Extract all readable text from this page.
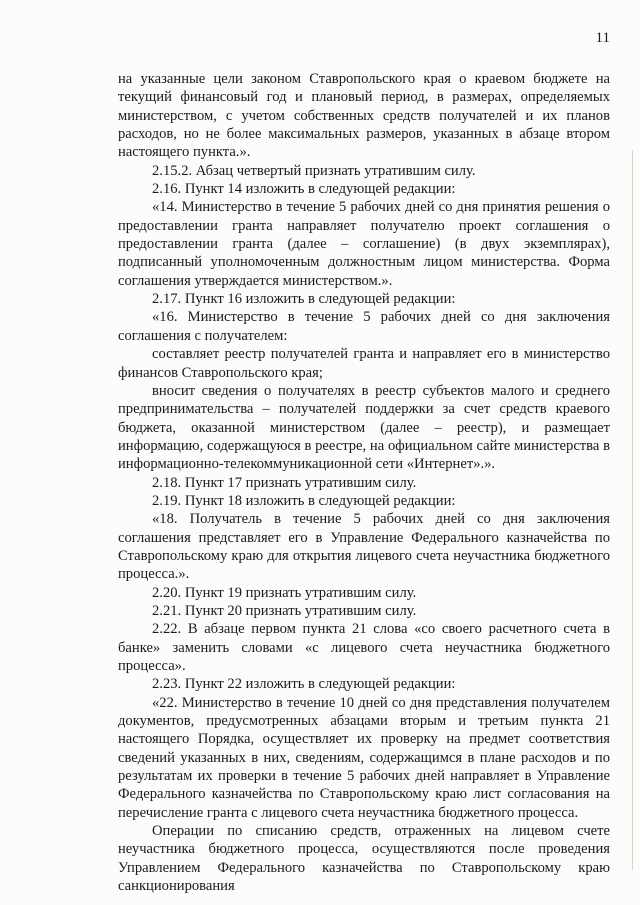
11

на указанные цели законом Ставропольского края о краевом бюджете на текущий финансовый год и плановый период, в размерах, определяемых министерством, с учетом собственных средств получателей и их планов расходов, но не более максимальных размеров, указанных в абзаце втором настоящего пункта.».

2.15.2. Абзац четвертый признать утратившим силу.

2.16. Пункт 14 изложить в следующей редакции:

«14. Министерство в течение 5 рабочих дней со дня принятия решения о предоставлении гранта направляет получателю проект соглашения о предоставлении гранта (далее – соглашение) (в двух экземплярах), подписанный уполномоченным должностным лицом министерства. Форма соглашения утверждается министерством.».

2.17. Пункт 16 изложить в следующей редакции:

«16. Министерство в течение 5 рабочих дней со дня заключения соглашения с получателем:

составляет реестр получателей гранта и направляет его в министерство финансов Ставропольского края;

вносит сведения о получателях в реестр субъектов малого и среднего предпринимательства – получателей поддержки за счет средств краевого бюджета, оказанной министерством (далее – реестр), и размещает информацию, содержащуюся в реестре, на официальном сайте министерства в информационно-телекоммуникационной сети «Интернет».».

2.18. Пункт 17 признать утратившим силу.

2.19. Пункт 18 изложить в следующей редакции:

«18. Получатель в течение 5 рабочих дней со дня заключения соглашения представляет его в Управление Федерального казначейства по Ставропольскому краю для открытия лицевого счета неучастника бюджетного процесса.».

2.20. Пункт 19 признать утратившим силу.

2.21. Пункт 20 признать утратившим силу.

2.22. В абзаце первом пункта 21 слова «со своего расчетного счета в банке» заменить словами «с лицевого счета неучастника бюджетного процесса».

2.23. Пункт 22 изложить в следующей редакции:

«22. Министерство в течение 10 дней со дня представления получателем документов, предусмотренных абзацами вторым и третьим пункта 21 настоящего Порядка, осуществляет их проверку на предмет соответствия сведений указанных в них, сведениям, содержащимся в плане расходов и по результатам их проверки в течение 5 рабочих дней направляет в Управление Федерального казначейства по Ставропольскому краю лист согласования на перечисление гранта с лицевого счета неучастника бюджетного процесса.

Операции по списанию средств, отраженных на лицевом счете неучастника бюджетного процесса, осуществляются после проведения Управлением Федерального казначейства по Ставропольскому краю санкционирования
